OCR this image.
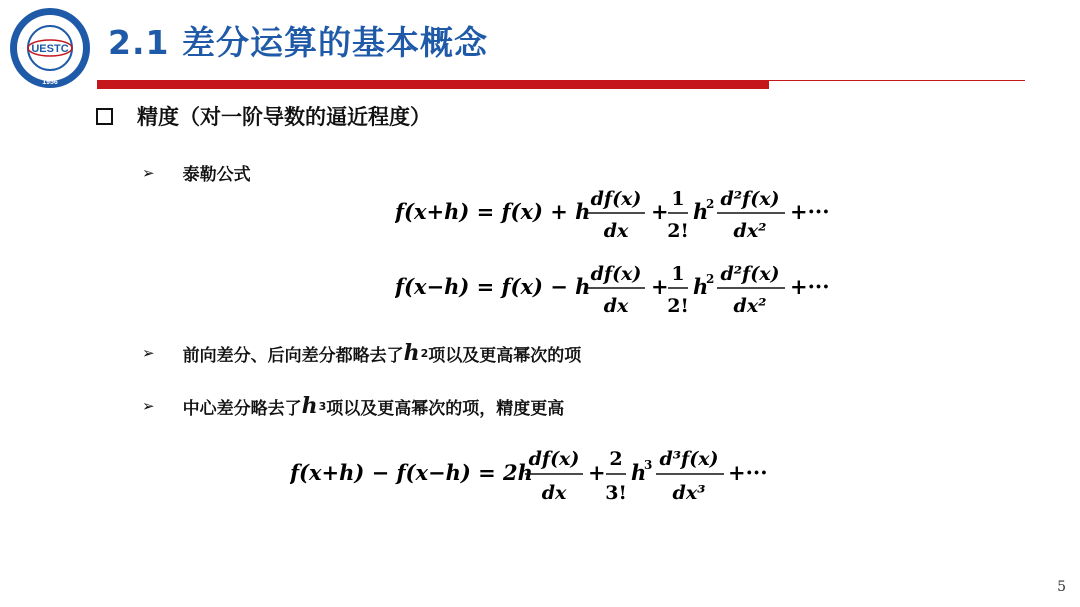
UESTC
1956
2.1 差分运算的基本概念
精度（对一阶导数的逼近程度）
➢ 泰勒公式
f(x+h) = f(x) + h df(x)
dx
+ 1
2!
h
2 d²f(x)
dx²
+···
f(x−h) = f(x) − h df(x)
dx
+ 1
2!
h
2 d²f(x)
dx²
+···
➢ 前向差分、后向差分都略去了 h 2 项以及更高幂次的项
➢ 中心差分略去了 h 3 项以及更高幂次的项，精度更高
f(x+h) − f(x−h) = 2h
df(x)
dx
+
2
3!
h
3 d³f(x)
dx³
+···
5
